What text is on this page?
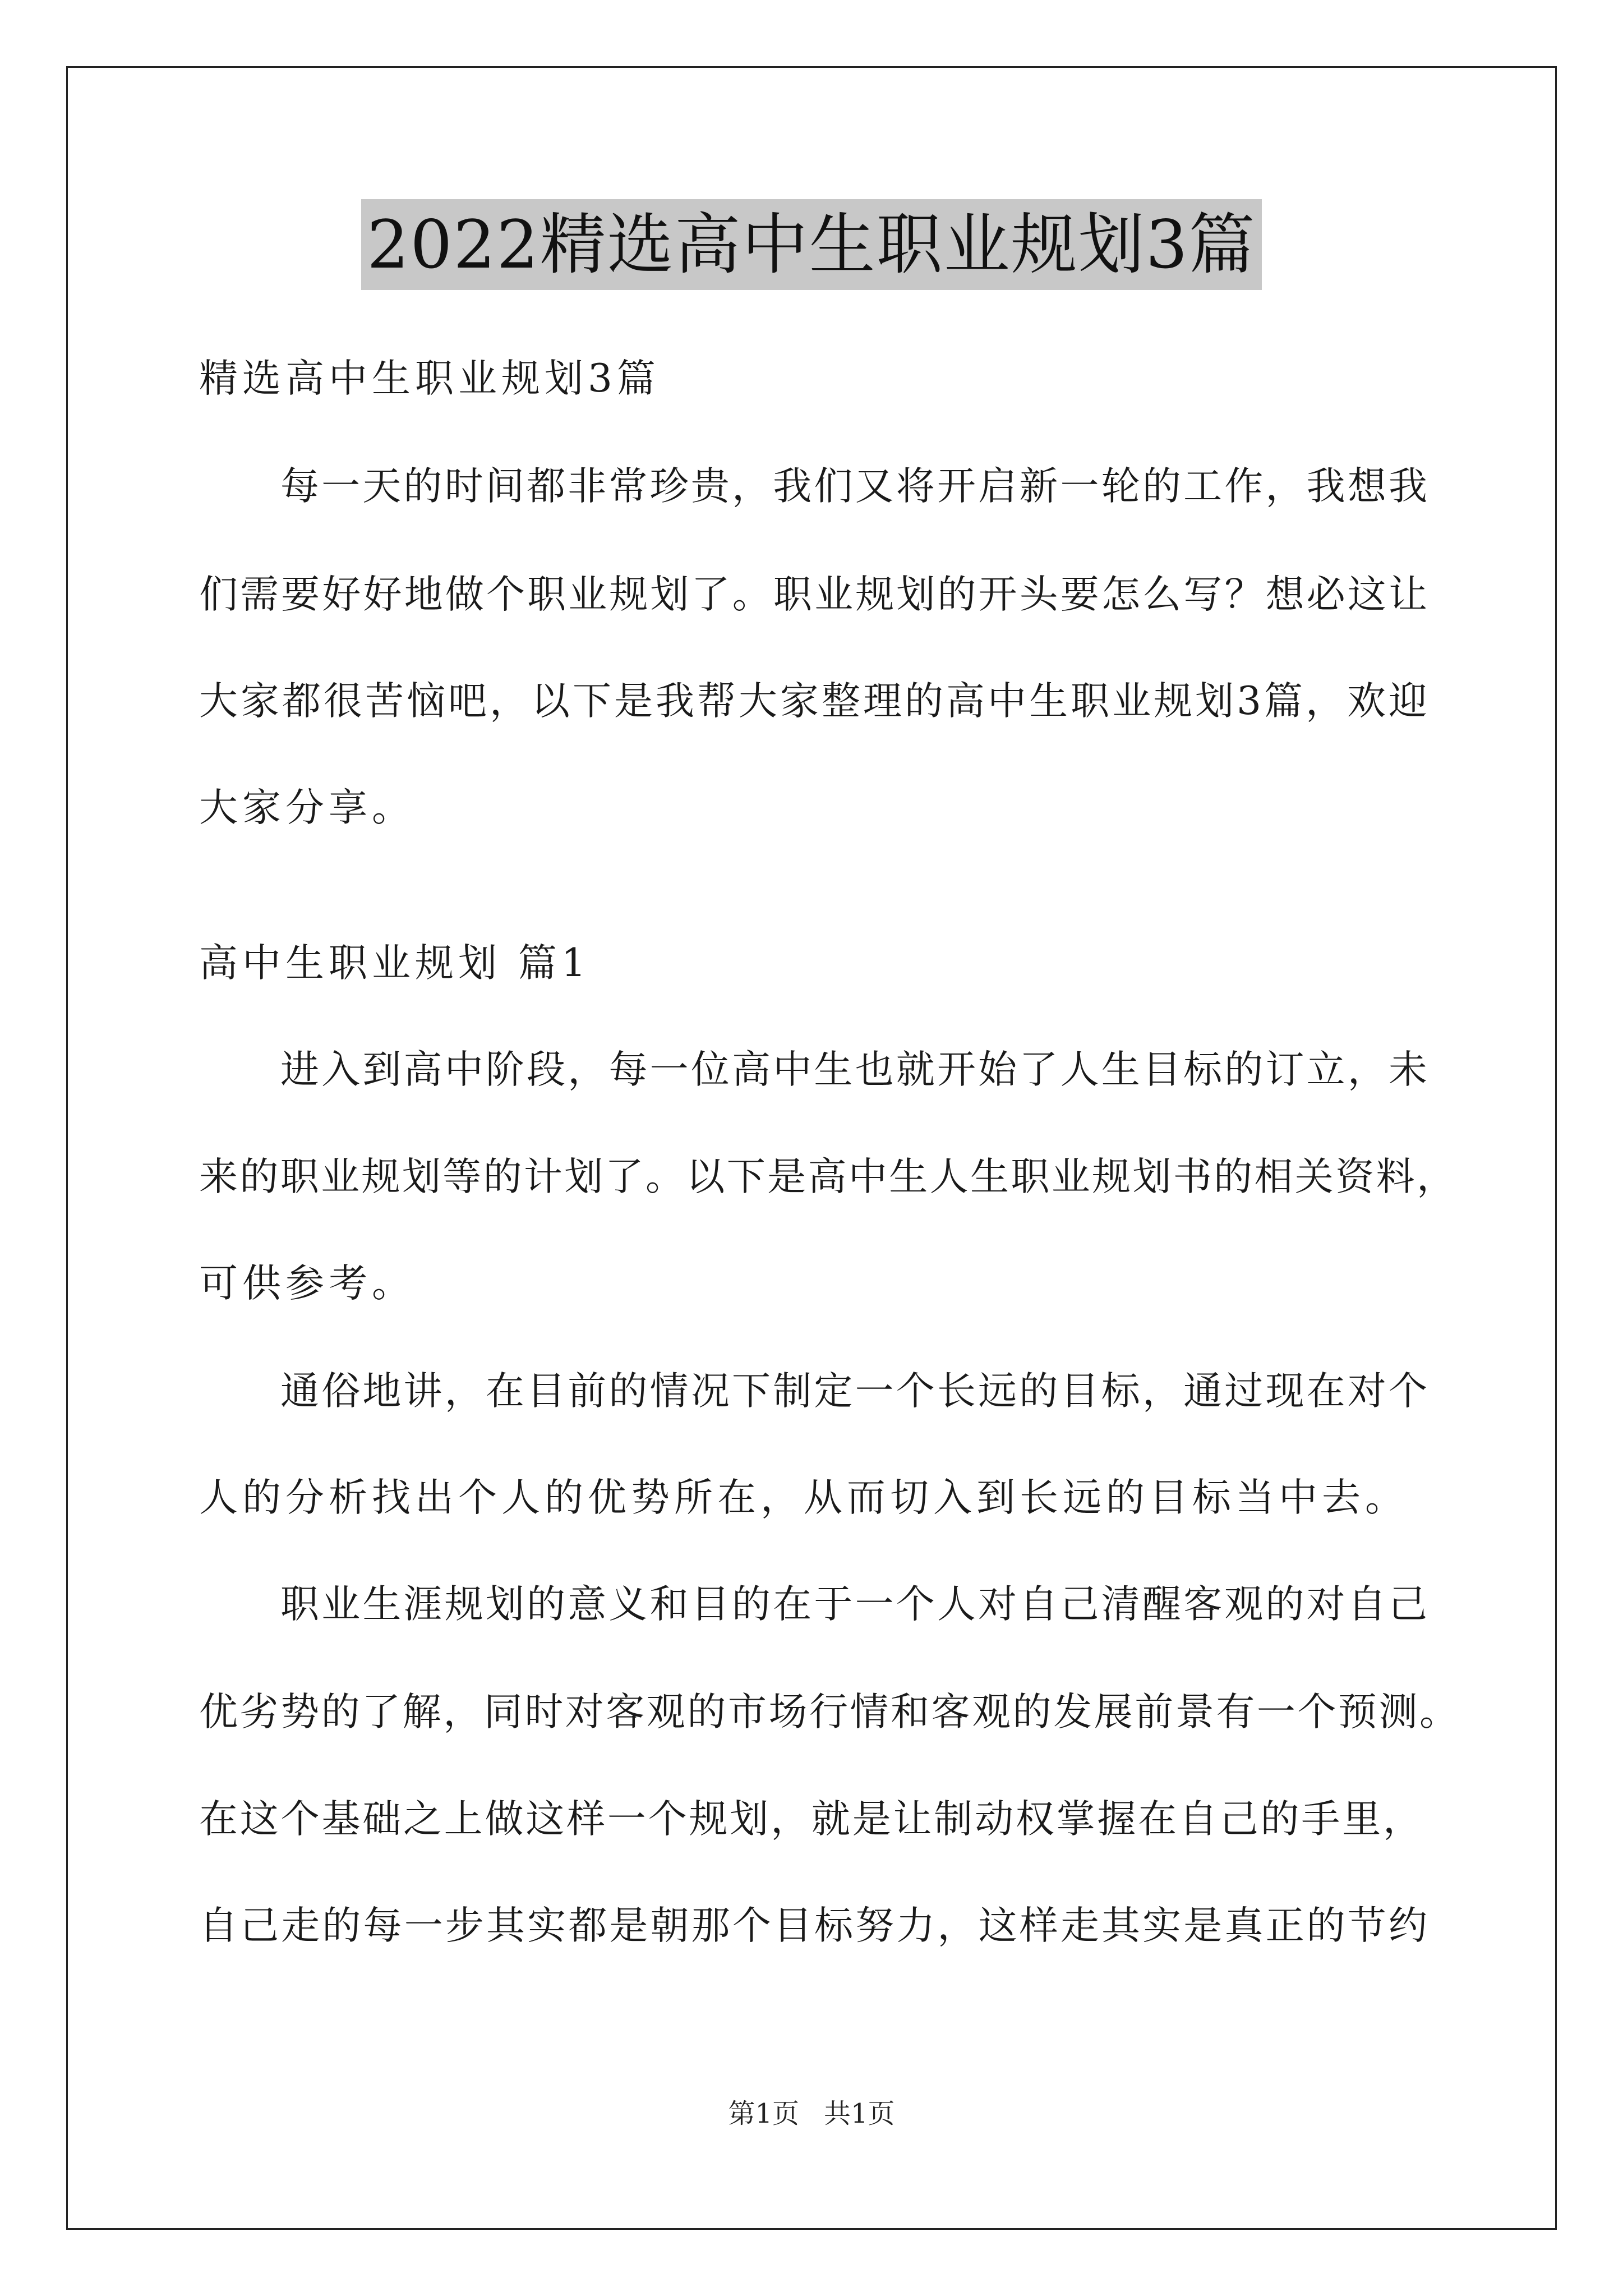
2022精选高中生职业规划3篇
精选高中生职业规划3篇
每一天的时间都非常珍贵，我们又将开启新一轮的工作，我想我
们需要好好地做个职业规划了。职业规划的开头要怎么写？想必这让
大家都很苦恼吧，以下是我帮大家整理的高中生职业规划3篇，欢迎
大家分享。
高中生职业规划 篇1
进入到高中阶段，每一位高中生也就开始了人生目标的订立，未
来的职业规划等的计划了。以下是高中生人生职业规划书的相关资料，
可供参考。
通俗地讲，在目前的情况下制定一个长远的目标，通过现在对个
人的分析找出个人的优势所在，从而切入到长远的目标当中去。
职业生涯规划的意义和目的在于一个人对自己清醒客观的对自己
优劣势的了解，同时对客观的市场行情和客观的发展前景有一个预测。
在这个基础之上做这样一个规划，就是让制动权掌握在自己的手里，
自己走的每一步其实都是朝那个目标努力，这样走其实是真正的节约
第1页 共1页
